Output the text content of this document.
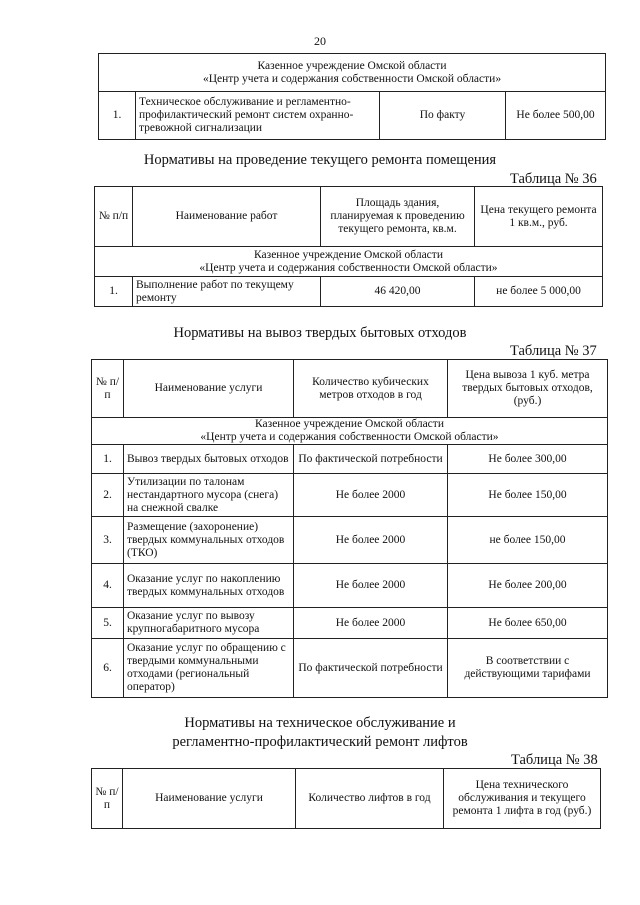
20
Казенное учреждение Омской области
«Центр учета и содержания собственности Омской области»

1.	Техническое обслуживание и регламентно-профилактический ремонт систем охранно-тревожной сигнализации	По факту	Не более 500,00
Нормативы на проведение текущего ремонта помещения
Таблица № 36
№ п/п	Наименование работ	Площадь здания, планируемая к проведению текущего ремонта, кв.м.	Цена текущего ремонта 1 кв.м., руб.

Казенное учреждение Омской области
«Центр учета и содержания собственности Омской области»			

1.	Выполнение работ по текущему ремонту	46 420,00	не более 5 000,00
Нормативы на вывоз твердых бытовых отходов
Таблица № 37
№ п/п	Наименование услуги	Количество кубических метров отходов в год	Цена вывоза 1 куб. метра твердых бытовых отходов, (руб.)

Казенное учреждение Омской области
«Центр учета и содержания собственности Омской области»			

1.	Вывоз твердых бытовых отходов	По фактической потребности	Не более 300,00
2.	Утилизации по талонам нестандартного мусора (снега) на снежной свалке	Не более 2000	Не более 150,00
3.	Размещение (захоронение) твердых коммунальных отходов (ТКО)	Не более 2000	не более 150,00
4.	Оказание услуг по накоплению твердых коммунальных отходов	Не более 2000	Не более 200,00
5.	Оказание услуг по вывозу крупногабаритного мусора	Не более 2000	Не более 650,00
6.	Оказание услуг по обращению с твердыми коммунальными отходами (региональный оператор)	По фактической потребности	В соответствии с действующими тарифами
Нормативы на техническое обслуживание и
регламентно-профилактический ремонт лифтов
Таблица № 38
№ п/п	Наименование услуги	Количество лифтов в год	Цена технического обслуживания и текущего ремонта 1 лифта в год (руб.)
